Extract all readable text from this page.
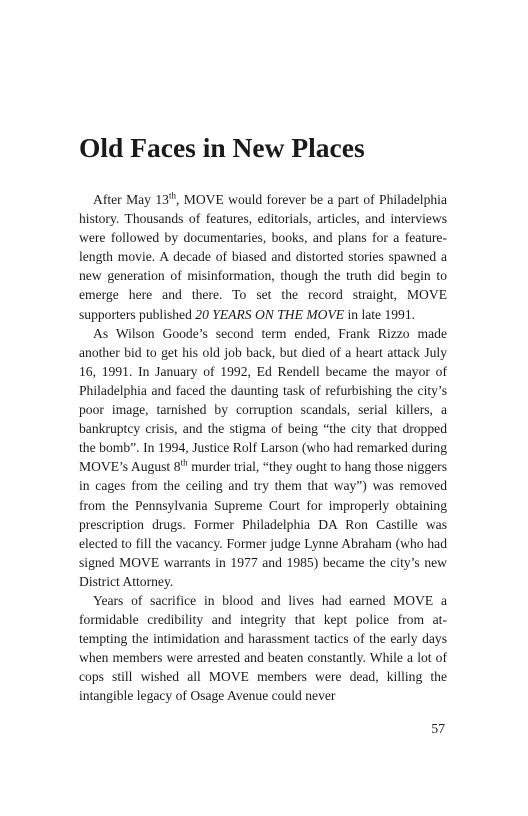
Old Faces in New Places

After May 13th, MOVE would forever be a part of Philadelphia history. Thousands of features, editorials, articles, and interviews were followed by documentaries, books, and plans for a feature-length movie. A decade of biased and distorted stories spawned a new generation of misinformation, though the truth did begin to emerge here and there. To set the record straight, MOVE supporters published 20 YEARS ON THE MOVE in late 1991.

As Wilson Goode’s second term ended, Frank Rizzo made another bid to get his old job back, but died of a heart attack July 16, 1991. In January of 1992, Ed Rendell became the mayor of Philadelphia and faced the daunting task of refurbishing the city’s poor image, tarnished by corruption scandals, serial killers, a bankruptcy crisis, and the stigma of being “the city that dropped the bomb”. In 1994, Justice Rolf Larson (who had remarked during MOVE’s August 8th murder trial, “they ought to hang those niggers in cages from the ceiling and try them that way”) was removed from the Pennsylvania Supreme Court for improperly obtaining prescription drugs. Former Philadelphia DA Ron Castille was elected to fill the vacancy. Former judge Lynne Abraham (who had signed MOVE warrants in 1977 and 1985) became the city’s new District Attorney.

Years of sacrifice in blood and lives had earned MOVE a formidable credibility and integrity that kept police from attempting the intimidation and harassment tactics of the early days when members were arrested and beaten constantly. While a lot of cops still wished all MOVE members were dead, killing the intangible legacy of Osage Avenue could never

57
